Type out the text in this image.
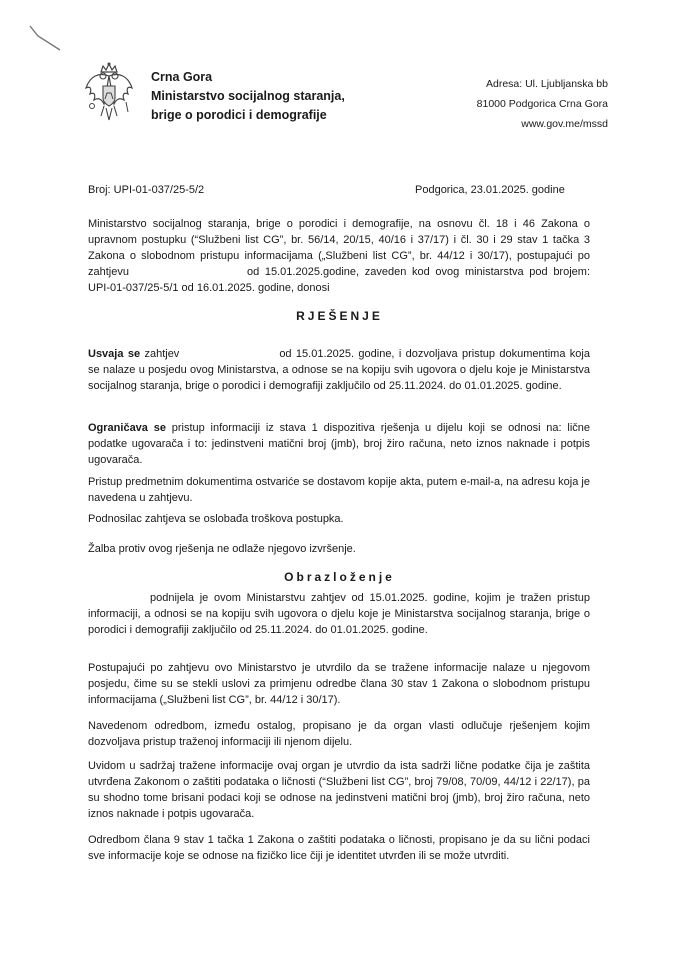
Crna Gora
Ministarstvo socijalnog staranja,
brige o porodici i demografije
Adresa: Ul. Ljubljanska bb
81000 Podgorica Crna Gora
www.gov.me/mssd
Broj: UPI-01-037/25-5/2	Podgorica, 23.01.2025. godine
Ministarstvo socijalnog staranja, brige o porodici i demografije, na osnovu čl. 18 i 46 Zakona o upravnom postupku (“Službeni list CG”, br. 56/14, 20/15, 40/16 i 37/17) i čl. 30 i 29 stav 1 tačka 3 Zakona o slobodnom pristupu informacijama („Službeni list CG”, br. 44/12 i 30/17), postupajući po zahtjevu	od 15.01.2025.godine, zaveden kod ovog ministarstva pod brojem: UPI-01-037/25-5/1 od 16.01.2025. godine, donosi
RJEŠENJE
Usvaja se zahtjev	od 15.01.2025. godine, i dozvoljava pristup dokumentima koja se nalaze u posjedu ovog Ministarstva, a odnose se na kopiju svih ugovora o djelu koje je Ministarstva socijalnog staranja, brige o porodici i demografiji zaključilo od 25.11.2024. do 01.01.2025. godine.
Ograničava se pristup informaciji iz stava 1 dispozitiva rješenja u dijelu koji se odnosi na: lične podatke ugovarača i to: jedinstveni matični broj (jmb), broj žiro računa, neto iznos naknade i potpis ugovarača.
Pristup predmetnim dokumentima ostvariće se dostavom kopije akta, putem e-mail-a, na adresu koja je navedena u zahtjevu.
Podnosilac zahtjeva se oslobađa troškova postupka.
Žalba protiv ovog rješenja ne odlaže njegovo izvršenje.
Obrazloženje
podnijela je ovom Ministarstvu zahtjev od 15.01.2025. godine, kojim je tražen pristup informaciji, a odnosi se na kopiju svih ugovora o djelu koje je Ministarstva socijalnog staranja, brige o porodici i demografiji zaključilo od 25.11.2024. do 01.01.2025. godine.
Postupajući po zahtjevu ovo Ministarstvo je utvrdilo da se tražene informacije nalaze u njegovom posjedu, čime su se stekli uslovi za primjenu odredbe člana 30 stav 1 Zakona o slobodnom pristupu informacijama („Službeni list CG”, br. 44/12 i 30/17).
Navedenom odredbom, između ostalog, propisano je da organ vlasti odlučuje rješenjem kojim dozvoljava pristup traženoj informaciji ili njenom dijelu.
Uvidom u sadržaj tražene informacije ovaj organ je utvrdio da ista sadrži lične podatke čija je zaštita utvrđena Zakonom o zaštiti podataka o ličnosti (“Službeni list CG”, broj 79/08, 70/09, 44/12 i 22/17), pa su shodno tome brisani podaci koji se odnose na jedinstveni matični broj (jmb), broj žiro računa, neto iznos naknade i potpis ugovarača.
Odredbom člana 9 stav 1 tačka 1 Zakona o zaštiti podataka o ličnosti, propisano je da su lični podaci sve informacije koje se odnose na fizičko lice čiji je identitet utvrđen ili se može utvrditi.
